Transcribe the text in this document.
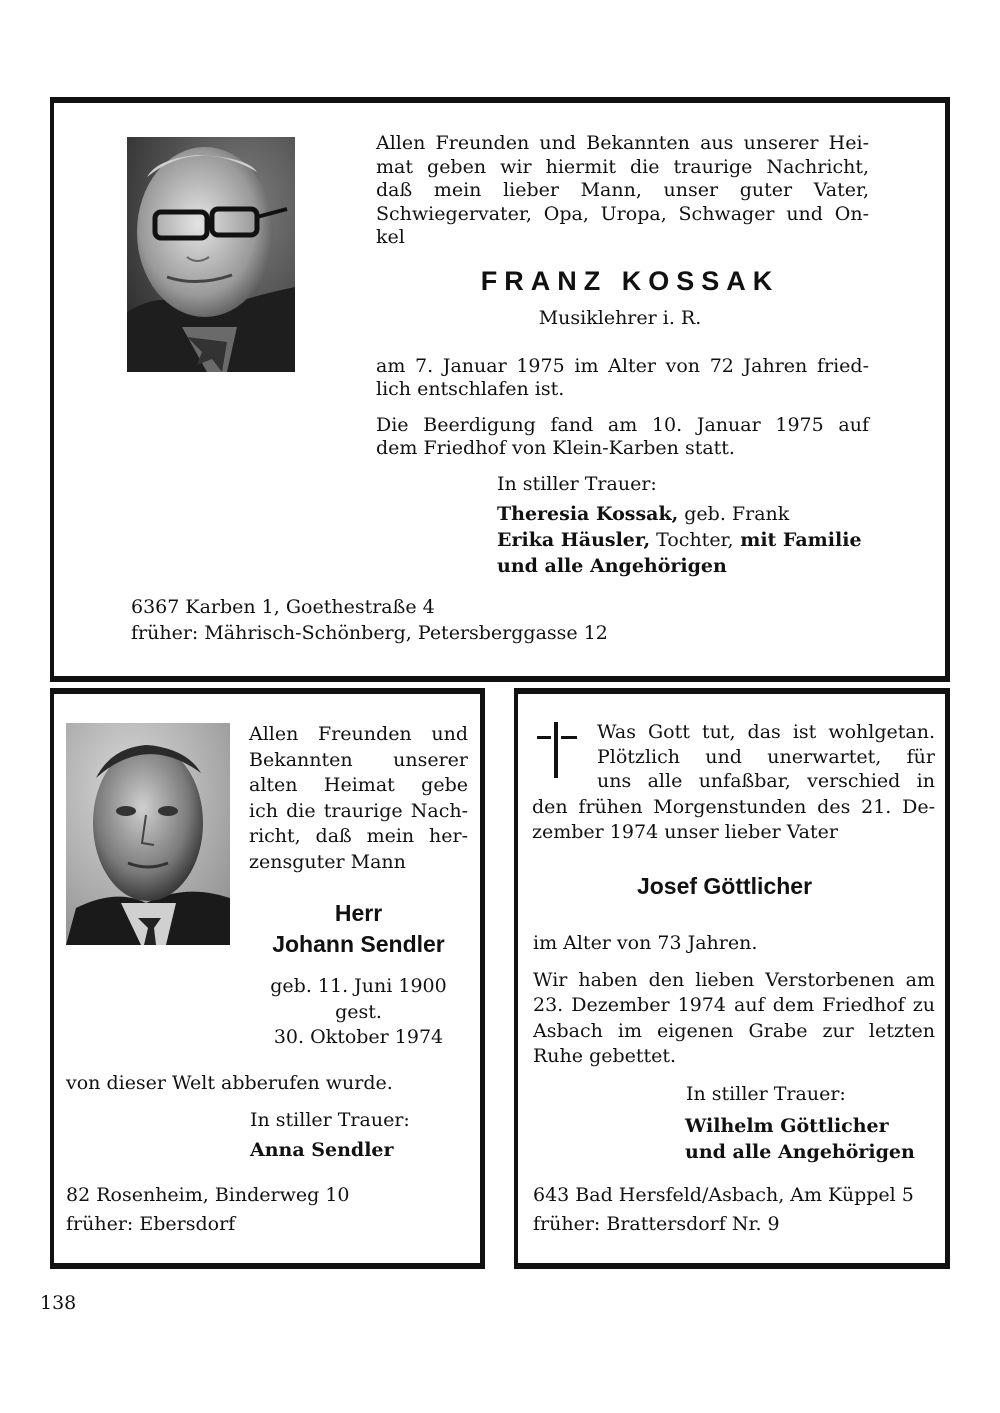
Allen Freunden und Bekannten aus unserer Hei-
mat geben wir hiermit die traurige Nachricht,
daß mein lieber Mann, unser guter Vater,
Schwiegervater, Opa, Uropa, Schwager und On-
kel
FRANZ KOSSAK
Musiklehrer i. R.
am 7. Januar 1975 im Alter von 72 Jahren fried-
lich entschlafen ist.
Die Beerdigung fand am 10. Januar 1975 auf
dem Friedhof von Klein-Karben statt.
In stiller Trauer:
Theresia Kossak, geb. Frank
Erika Häusler, Tochter, mit Familie
und alle Angehörigen
6367 Karben 1, Goethestraße 4
früher: Mährisch-Schönberg, Petersberggasse 12
Allen Freunden und
Bekannten unserer
alten Heimat gebe
ich die traurige Nach-
richt, daß mein her-
zensguter Mann
Herr
Johann Sendler
geb. 11. Juni 1900
gest.
30. Oktober 1974
von dieser Welt abberufen wurde.
In stiller Trauer:
Anna Sendler
82 Rosenheim, Binderweg 10
früher: Ebersdorf
Was Gott tut, das ist wohlgetan.
Plötzlich und unerwartet, für
uns alle unfaßbar, verschied in
den frühen Morgenstunden des 21. De-
zember 1974 unser lieber Vater
Josef Göttlicher
im Alter von 73 Jahren.
Wir haben den lieben Verstorbenen am
23. Dezember 1974 auf dem Friedhof zu
Asbach im eigenen Grabe zur letzten
Ruhe gebettet.
In stiller Trauer:
Wilhelm Göttlicher
und alle Angehörigen
643 Bad Hersfeld/Asbach, Am Küppel 5
früher: Brattersdorf Nr. 9
138
